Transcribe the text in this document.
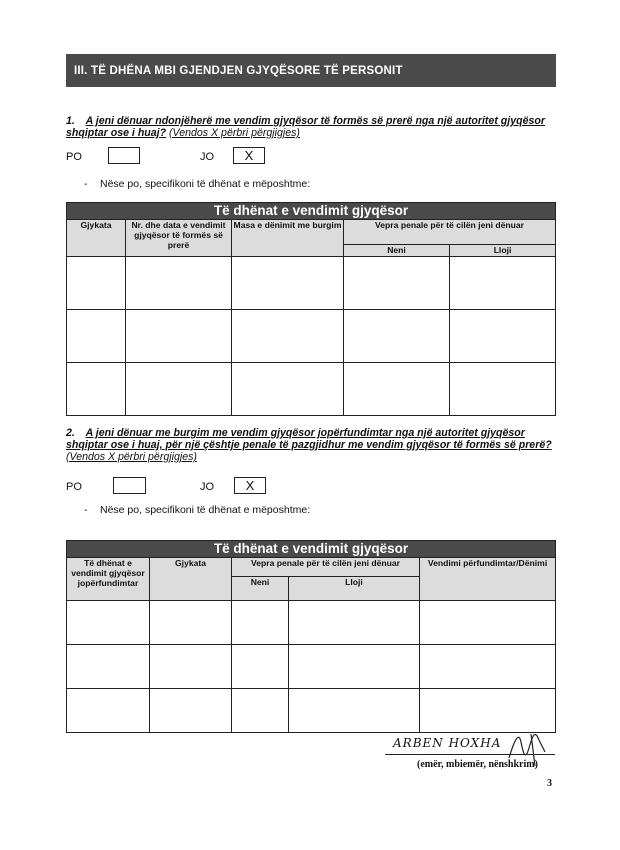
III. TË DHËNA MBI GJENDJEN GJYQËSORE TË PERSONIT
1. A jeni dënuar ndonjëherë me vendim gjyqësor të formës së prerë nga një autoritet gjyqësor shqiptar ose i huaj? (Vendos X përbri përgjigjes)
PO	JO	X
- Nëse po, specifikoni të dhënat e mëposhtme:
Të dhënat e vendimit gjyqësor				
Gjykata	Nr. dhe data e vendimit gjyqësor të formës së prerë	Masa e dënimit me burgim	Vepra penale për të cilën jeni dënuar	
			Neni	Lloji

2. A jeni dënuar me burgim me vendim gjyqësor jopërfundimtar nga një autoritet gjyqësor shqiptar ose i huaj, për një çështje penale të pazgjidhur me vendim gjyqësor të formës së prerë? (Vendos X përbri përgjigjes)
PO	JO	X
- Nëse po, specifikoni të dhënat e mëposhtme:
Të dhënat e vendimit gjyqësor				
Të dhënat e vendimit gjyqësor jopërfundimtar	Gjykata	Vepra penale për të cilën jeni dënuar		Vendimi përfundimtar/Dënimi
		Neni	Lloji	

ARBEN HOXHA
(emër, mbiemër, nënshkrim)
3
